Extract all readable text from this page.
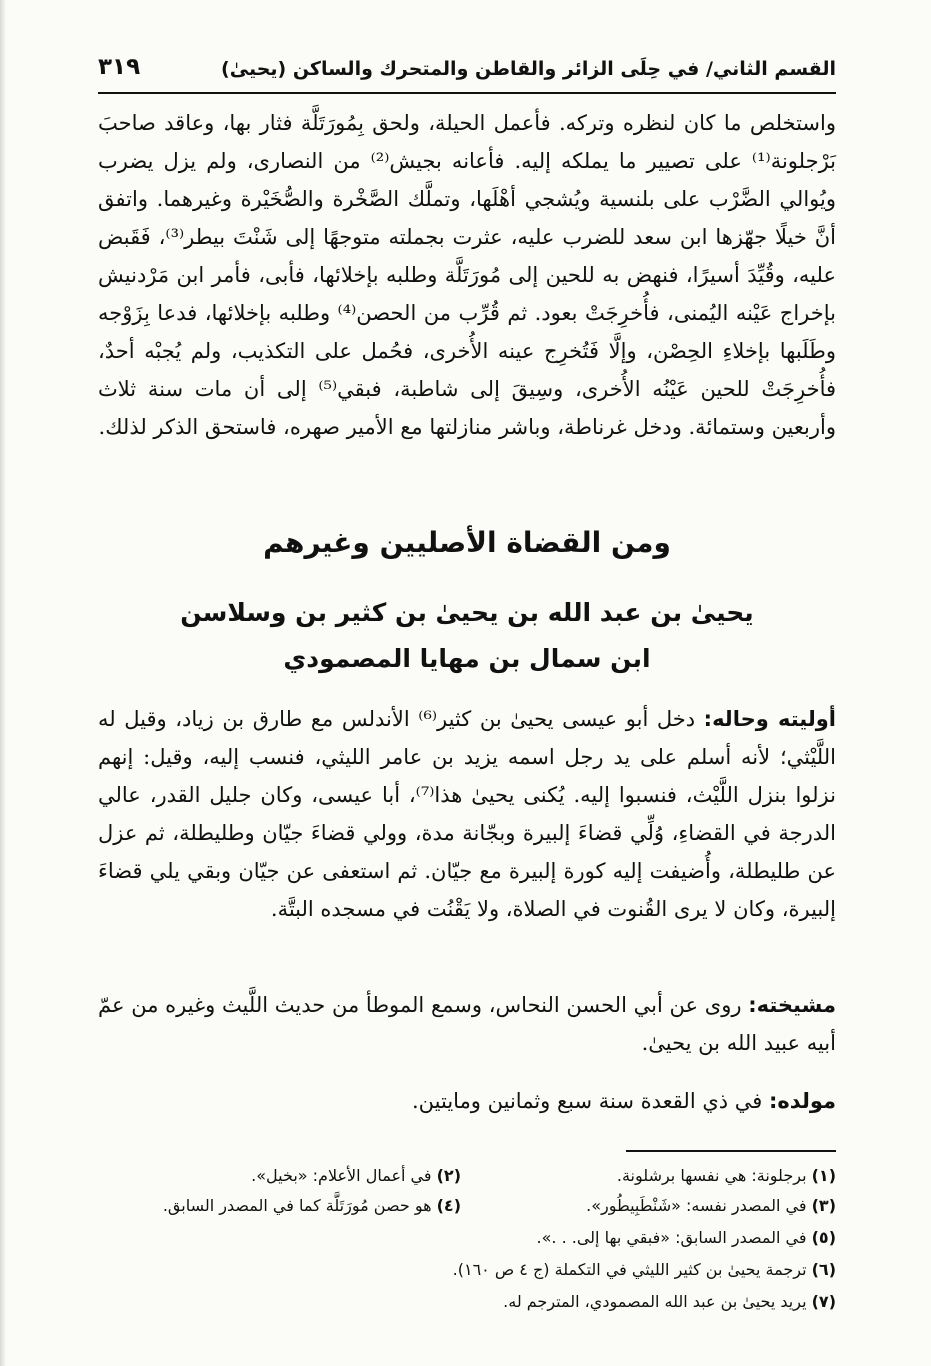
القسم الثاني/ في حِلَى الزائر والقاطن والمتحرك والساكن (يحيىٰ)
٣١٩

واستخلص ما كان لنظره وتركه. فأعمل الحيلة، ولحق بِمُورَتَلَّة فثار بها، وعاقد صاحبَ بَرْجلونة⁽¹⁾ على تصيير ما يملكه إليه. فأعانه بجيش⁽²⁾ من النصارى، ولم يزل يضرب ويُوالي الضَّرْب على بلنسية ويُشجي أهْلَها، وتملَّك الصَّخْرة والصُّخَيْرة وغيرهما. واتفق أنَّ خيلًا جهّزها ابن سعد للضرب عليه، عثرت بجملته متوجهًا إلى شَنْتَ بيطر⁽³⁾، فَقَبض عليه، وقُيِّدَ أسيرًا، فنهض به للحين إلى مُورَتَلَّة وطلبه بإخلائها، فأبى، فأمر ابن مَرْدنيش بإخراج عَيْنه اليُمنى، فأُخرِجَتْ بعود. ثم قُرِّب من الحصن⁽⁴⁾ وطلبه بإخلائها، فدعا بِزَوْجه وطَلَبها بإخلاءِ الحِصْن، وإلَّا فَتُخرِج عينه الأُخرى، فحُمل على التكذيب، ولم يُجبْه أحدٌ، فأُخرِجَتْ للحين عَيْنُه الأُخرى، وسِيقَ إلى شاطبة، فبقي⁽⁵⁾ إلى أن مات سنة ثلاث وأربعين وستمائة. ودخل غرناطة، وباشر منازلتها مع الأمير صهره، فاستحق الذكر لذلك.

ومن القضاة الأصليين وغيرهم
يحيىٰ بن عبد الله بن يحيىٰ بن كثير بن وسلاسن
ابن سمال بن مهايا المصمودي

أوليته وحاله: دخل أبو عيسى يحيىٰ بن كثير⁽⁶⁾ الأندلس مع طارق بن زياد، وقيل له اللَّيْثي؛ لأنه أسلم على يد رجل اسمه يزيد بن عامر الليثي، فنسب إليه، وقيل: إنهم نزلوا بنزل اللَّيْث، فنسبوا إليه. يُكنى يحيىٰ هذا⁽⁷⁾، أبا عيسى، وكان جليل القدر، عالي الدرجة في القضاءِ، وُلِّي قضاءَ إلبيرة وبجّانة مدة، وولي قضاءَ جيّان وطليطلة، ثم عزل عن طليطلة، وأُضيفت إليه كورة إلبيرة مع جيّان. ثم استعفى عن جيّان وبقي يلي قضاءَ إلبيرة، وكان لا يرى القُنوت في الصلاة، ولا يَقْنُت في مسجده البتَّة.

مشيخته: روى عن أبي الحسن النحاس، وسمع الموطأ من حديث اللَّيث وغيره من عمّ أبيه عبيد الله بن يحيىٰ.

مولده: في ذي القعدة سنة سبع وثمانين ومايتين.

(١) برجلونة: هي نفسها برشلونة.
(٢) في أعمال الأعلام: «بخيل».
(٣) في المصدر نفسه: «شَنْطَبِيطُور».
(٤) هو حصن مُورَتَلَّة كما في المصدر السابق.
(٥) في المصدر السابق: «فبقي بها إلى. . .».
(٦) ترجمة يحيىٰ بن كثير الليثي في التكملة (ج ٤ ص ١٦٠).
(٧) يريد يحيىٰ بن عبد الله المصمودي، المترجم له.
